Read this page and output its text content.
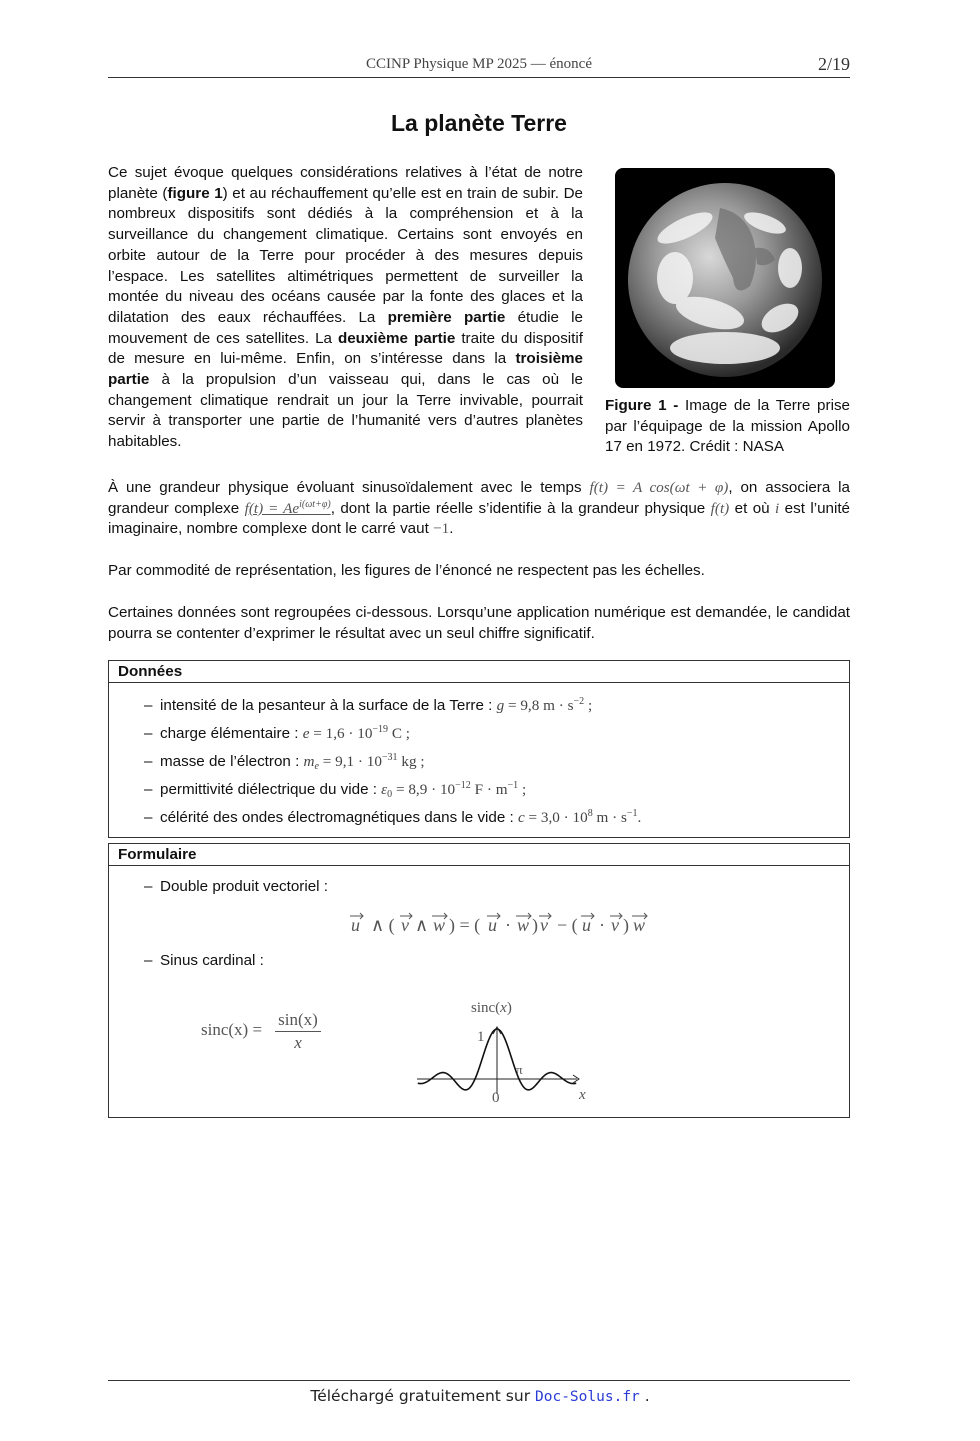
CCINP Physique MP 2025 — énoncé	2/19
La planète Terre
Ce sujet évoque quelques considérations relatives à l’état de notre planète (figure 1) et au réchauffement qu’elle est en train de subir. De nombreux dispositifs sont dédiés à la compréhension et à la surveillance du changement climatique. Certains sont envoyés en orbite autour de la Terre pour procéder à des mesures depuis l’espace. Les satellites altimétriques permettent de surveiller la montée du niveau des océans causée par la fonte des glaces et la dilatation des eaux réchauffées. La première partie étudie le mouvement de ces satellites. La deuxième partie traite du dispositif de mesure en lui-même. Enfin, on s’intéresse dans la troisième partie à la propulsion d’un vaisseau qui, dans le cas où le changement climatique rendrait un jour la Terre invivable, pourrait servir à transporter une partie de l’humanité vers d’autres planètes habitables.
Figure 1 - Image de la Terre prise par l’équipage de la mission Apollo 17 en 1972. Crédit : NASA
À une grandeur physique évoluant sinusoïdalement avec le temps f(t) = A cos(ωt + φ), on associera la grandeur complexe $f(t) = Ae^{i(\omega t+\varphi)}$, dont la partie réelle s’identifie à la grandeur physique f(t) et où i est l’unité imaginaire, nombre complexe dont le carré vaut −1.
Par commodité de représentation, les figures de l’énoncé ne respectent pas les échelles.
Certaines données sont regroupées ci-dessous. Lorsqu’une application numérique est demandée, le candidat pourra se contenter d’exprimer le résultat avec un seul chiffre significatif.
Données
– intensité de la pesanteur à la surface de la Terre : g = 9,8 $m \cdot s^{-2}$ ;
– charge élémentaire : $e = 1,6 \cdot 10^{-19}$ C ;
– masse de l’électron : $m_e = 9,1 \cdot 10^{-31}$ kg ;
– permittivité diélectrique du vide : $\varepsilon_0 = 8,9 \cdot 10^{-12}$ $F \cdot m^{-1}$ ;
– célérité des ondes électromagnétiques dans le vide : $c = 3,0 \cdot 10^8$ $m \cdot s^{-1}$.
Formulaire
– Double produit vectoriel :
u ∧ ( v ∧ w ) = ( u · w ) v − ( u · v ) w
– Sinus cardinal :
$\sin c(x) = \frac{\sin(x)}{x}$
sinc(x)
1
0
π
x
Téléchargé gratuitement sur Doc-Solus.fr .
